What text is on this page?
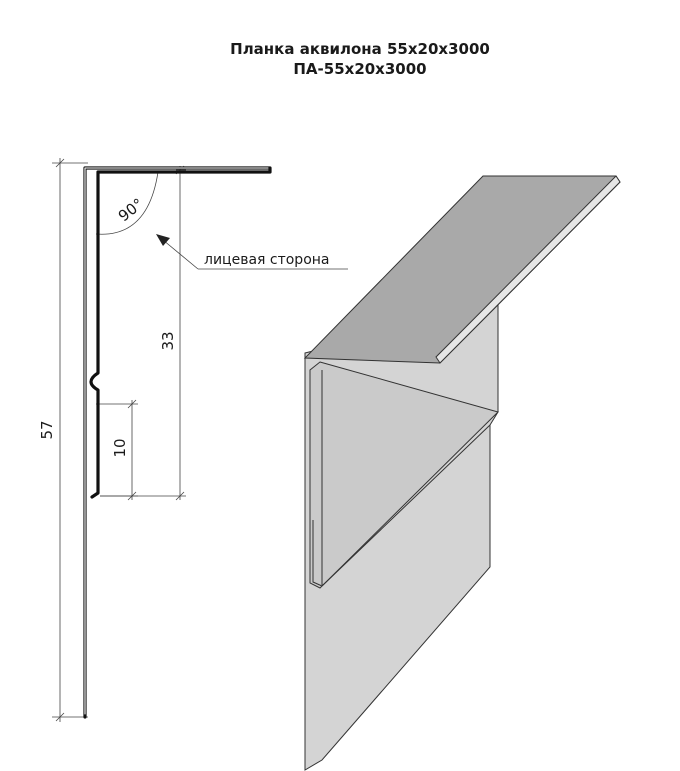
Планка аквилона 55х20х3000
ПА-55х20х3000
57
33
10
90°
лицевая сторона
